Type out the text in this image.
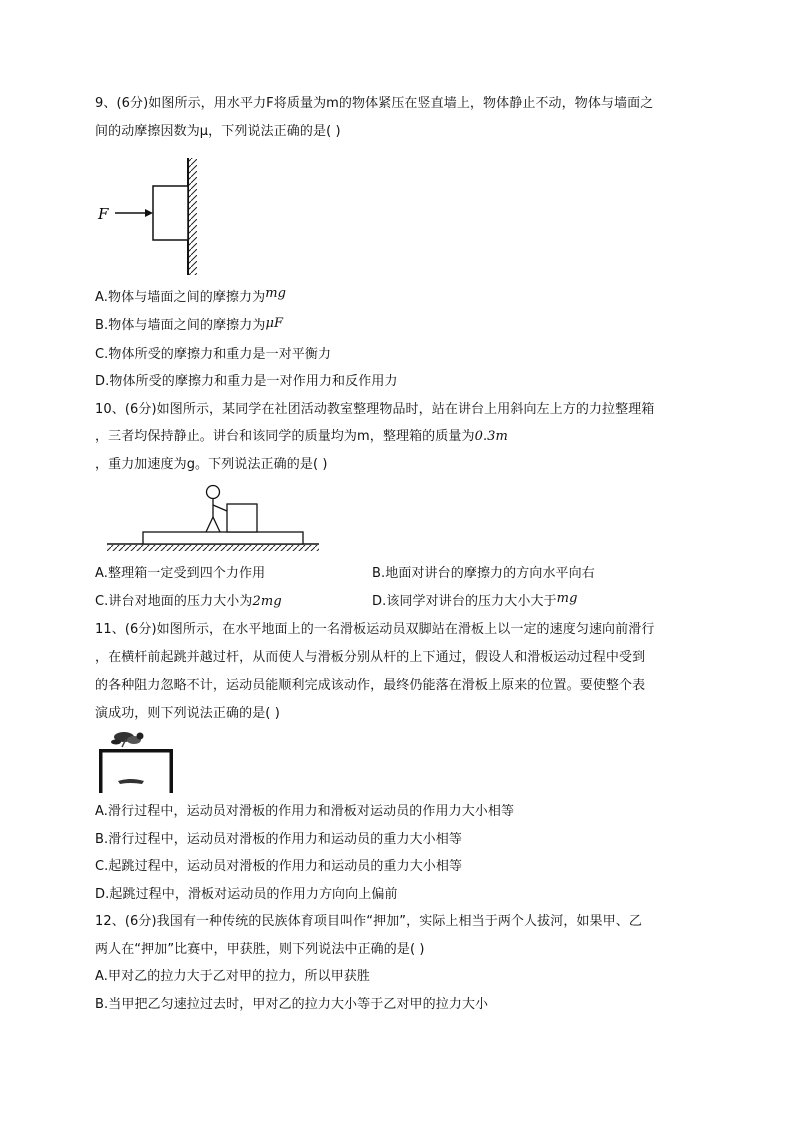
9、(6分)如图所示，用水平力F将质量为m的物体紧压在竖直墙上，物体静止不动，物体与墙面之
间的动摩擦因数为μ，下列说法正确的是( )
F
A.物体与墙面之间的摩擦力为mg
B.物体与墙面之间的摩擦力为μF
C.物体所受的摩擦力和重力是一对平衡力
D.物体所受的摩擦力和重力是一对作用力和反作用力
10、(6分)如图所示，某同学在社团活动教室整理物品时，站在讲台上用斜向左上方的力拉整理箱
，三者均保持静止。讲台和该同学的质量均为m，整理箱的质量为0.3m
，重力加速度为g。下列说法正确的是( )
A.整理箱一定受到四个力作用	B.地面对讲台的摩擦力的方向水平向右
C.讲台对地面的压力大小为2mg	D.该同学对讲台的压力大小大于mg
11、(6分)如图所示，在水平地面上的一名滑板运动员双脚站在滑板上以一定的速度匀速向前滑行
，在横杆前起跳并越过杆，从而使人与滑板分别从杆的上下通过，假设人和滑板运动过程中受到
的各种阻力忽略不计，运动员能顺利完成该动作，最终仍能落在滑板上原来的位置。要使整个表
演成功，则下列说法正确的是( )
A.滑行过程中，运动员对滑板的作用力和滑板对运动员的作用力大小相等
B.滑行过程中，运动员对滑板的作用力和运动员的重力大小相等
C.起跳过程中，运动员对滑板的作用力和运动员的重力大小相等
D.起跳过程中，滑板对运动员的作用力方向向上偏前
12、(6分)我国有一种传统的民族体育项目叫作“押加”，实际上相当于两个人拔河，如果甲、乙
两人在“押加”比赛中，甲获胜，则下列说法中正确的是( )
A.甲对乙的拉力大于乙对甲的拉力，所以甲获胜
B.当甲把乙匀速拉过去时，甲对乙的拉力大小等于乙对甲的拉力大小
